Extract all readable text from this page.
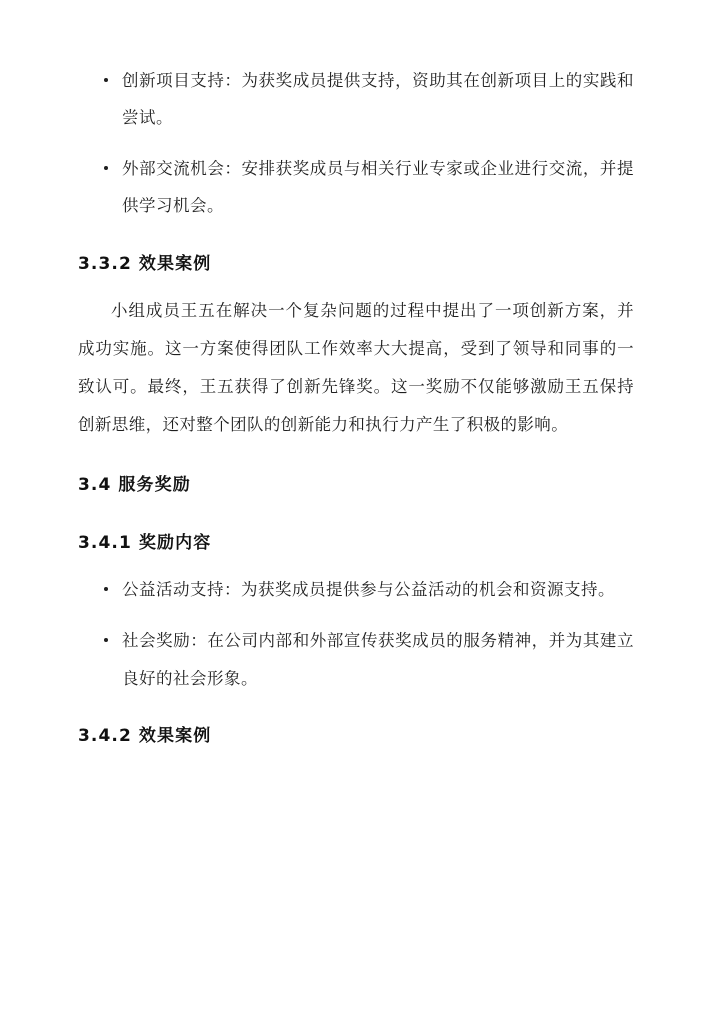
创新项目支持：为获奖成员提供支持，资助其在创新项目上的实践和尝试。
外部交流机会：安排获奖成员与相关行业专家或企业进行交流，并提供学习机会。
3.3.2 效果案例

小组成员王五在解决一个复杂问题的过程中提出了一项创新方案，并成功实施。这一方案使得团队工作效率大大提高，受到了领导和同事的一致认可。最终，王五获得了创新先锋奖。这一奖励不仅能够激励王五保持创新思维，还对整个团队的创新能力和执行力产生了积极的影响。

3.4 服务奖励
3.4.1 奖励内容
公益活动支持：为获奖成员提供参与公益活动的机会和资源支持。
社会奖励：在公司内部和外部宣传获奖成员的服务精神，并为其建立良好的社会形象。
3.4.2 效果案例
